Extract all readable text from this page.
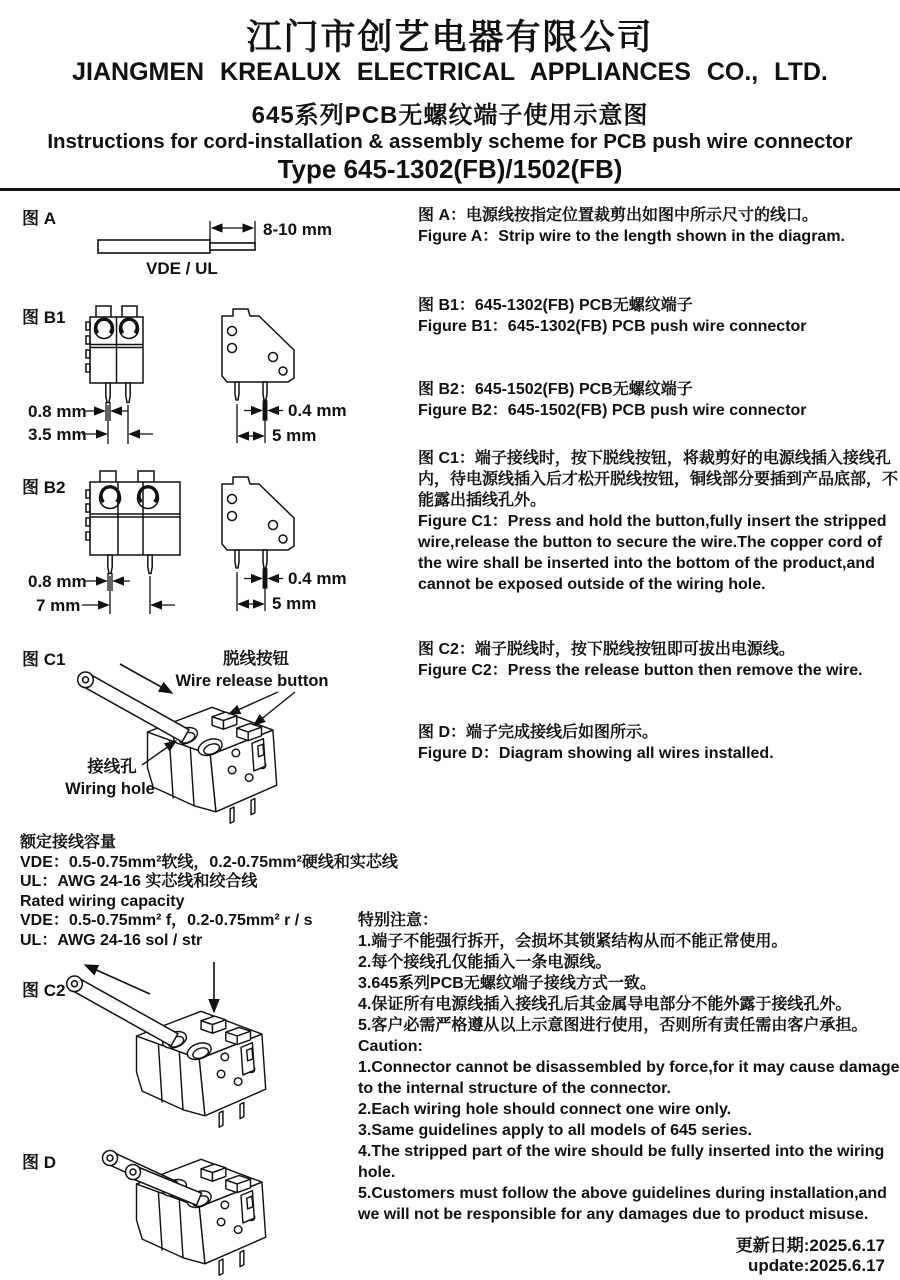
江门市创艺电器有限公司
JIANGMEN KREALUX ELECTRICAL APPLIANCES CO., LTD.
645系列PCB无螺纹端子使用示意图
Instructions for cord-installation & assembly scheme for PCB push wire connector
Type 645-1302(FB)/1502(FB)
图 A
图 B1
图 B2
图 C1
图 C2
图 D
8-10 mm
VDE / UL
0.8 mm
3.5 mm
0.4 mm
5 mm
0.8 mm
7 mm
0.4 mm
5 mm
脱线按钮
Wire release button
接线孔
Wiring hole
图 A：电源线按指定位置裁剪出如图中所示尺寸的线口。
Figure A：Strip wire to the length shown in the diagram.
图 B1：645-1302(FB) PCB无螺纹端子
Figure B1：645-1302(FB) PCB push wire connector
图 B2：645-1502(FB) PCB无螺纹端子
Figure B2：645-1502(FB) PCB push wire connector
图 C1：端子接线时，按下脱线按钮，将裁剪好的电源线插入接线孔内，待电源线插入后才松开脱线按钮，铜线部分要插到产品底部，不能露出插线孔外。
Figure C1：Press and hold the button,fully insert the stripped wire,release the button to secure the wire.The copper cord of the wire shall be inserted into the bottom of the product,and cannot be exposed outside of the wiring hole.
图 C2：端子脱线时，按下脱线按钮即可拔出电源线。
Figure C2：Press the release button then remove the wire.
图 D：端子完成接线后如图所示。
Figure D：Diagram showing all wires installed.
额定接线容量
VDE：0.5-0.75mm²软线，0.2-0.75mm²硬线和实芯线
UL：AWG 24-16 实芯线和绞合线
Rated wiring capacity
VDE：0.5-0.75mm² f，0.2-0.75mm² r / s
UL：AWG 24-16 sol / str
特别注意：
1.端子不能强行拆开，会损坏其锁紧结构从而不能正常使用。
2.每个接线孔仅能插入一条电源线。
3.645系列PCB无螺纹端子接线方式一致。
4.保证所有电源线插入接线孔后其金属导电部分不能外露于接线孔外。
5.客户必需严格遵从以上示意图进行使用，否则所有责任需由客户承担。
Caution:
1.Connector cannot be disassembled by force,for it may cause damage to the internal structure of the connector.
2.Each wiring hole should connect one wire only.
3.Same guidelines apply to all models of 645 series.
4.The stripped part of the wire should be fully inserted into the wiring hole.
5.Customers must follow the above guidelines during installation,and we will not be responsible for any damages due to product misuse.
更新日期:2025.6.17
update:2025.6.17
